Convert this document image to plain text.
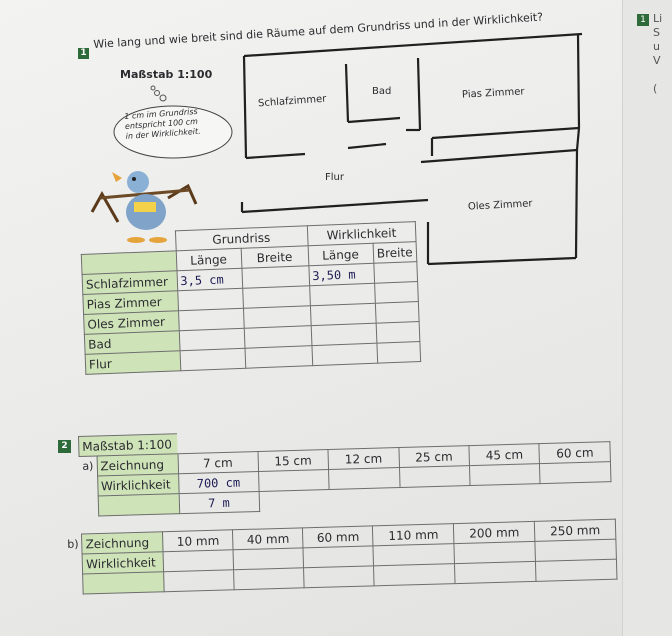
1 Li
S
u
V
(
1
Wie lang und wie breit sind die Räume auf dem Grundriss und in der Wirklichkeit?
Maßstab 1:100
1 cm im Grundriss
entspricht 100 cm
in der Wirklichkeit.
Schlafzimmer
Bad	Pias Zimmer
Flur
Oles Zimmer
	Grundriss		Wirklichkeit	
	Länge	Breite	Länge	Breite
Schlafzimmer	3,5 cm		3,50 m	
Pias Zimmer				
Oles Zimmer				
Bad				
Flur				
2 Maßstab 1:100							
a)	Zeichnung	7 cm	15 cm	12 cm	25 cm	45 cm	60 cm
	Wirklichkeit	700 cm					
		7 m					
b)	Zeichnung	10 mm	40 mm	60 mm	110 mm	200 mm	250 mm
	Wirklichkeit						
